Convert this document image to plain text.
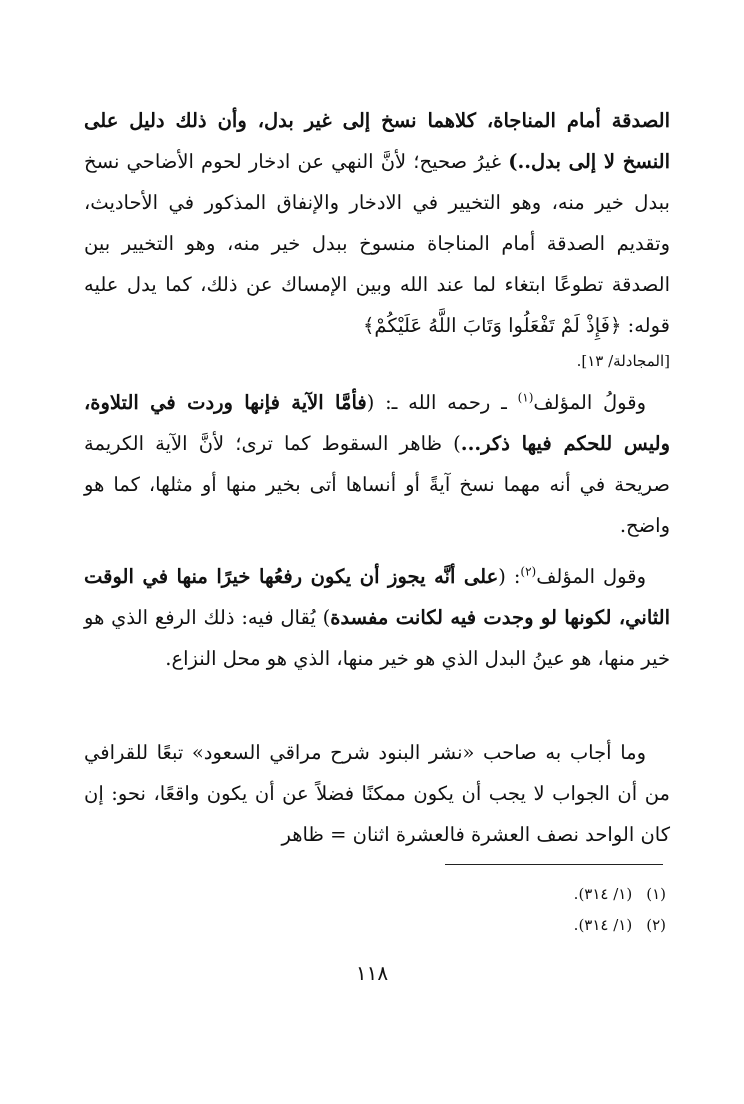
الصدقة أمام المناجاة، كلاهما نسخ إلى غير بدل، وأن ذلك دليل على النسخ لا إلى بدل..) غيرُ صحيح؛ لأنَّ النهي عن ادخار لحوم الأضاحي نسخ ببدل خير منه، وهو التخيير في الادخار والإنفاق المذكور في الأحاديث، وتقديم الصدقة أمام المناجاة منسوخ ببدل خير منه، وهو التخيير بين الصدقة تطوعًا ابتغاء لما عند الله وبين الإمساك عن ذلك، كما يدل عليه قوله: ﴿فَإِذْ لَمْ تَفْعَلُوا وَتَابَ اللَّهُ عَلَيْكُمْ﴾

[المجادلة/ ١٣].

وقولُ المؤلف$^{(١)}$ ـ رحمه الله ـ: (فأمَّا الآية فإنها وردت في التلاوة، وليس للحكم فيها ذكر...) ظاهر السقوط كما ترى؛ لأنَّ الآية الكريمة صريحة في أنه مهما نسخ آيةً أو أنساها أتى بخير منها أو مثلها، كما هو واضح.

وقول المؤلف$^{(٢)}$: (على أنَّه يجوز أن يكون رفعُها خيرًا منها في الوقت الثاني، لكونها لو وجدت فيه لكانت مفسدة) يُقال فيه: ذلك الرفع الذي هو خير منها، هو عينُ البدل الذي هو خير منها، الذي هو محل النزاع.

وما أجاب به صاحب «نشر البنود شرح مراقي السعود» تبعًا للقرافي من أن الجواب لا يجب أن يكون ممكنًا فضلاً عن أن يكون واقعًا، نحو: إن كان الواحد نصف العشرة فالعشرة اثنان = ظاهر

(١)(١/ ٣١٤).

(٢)(١/ ٣١٤).

١١٨
